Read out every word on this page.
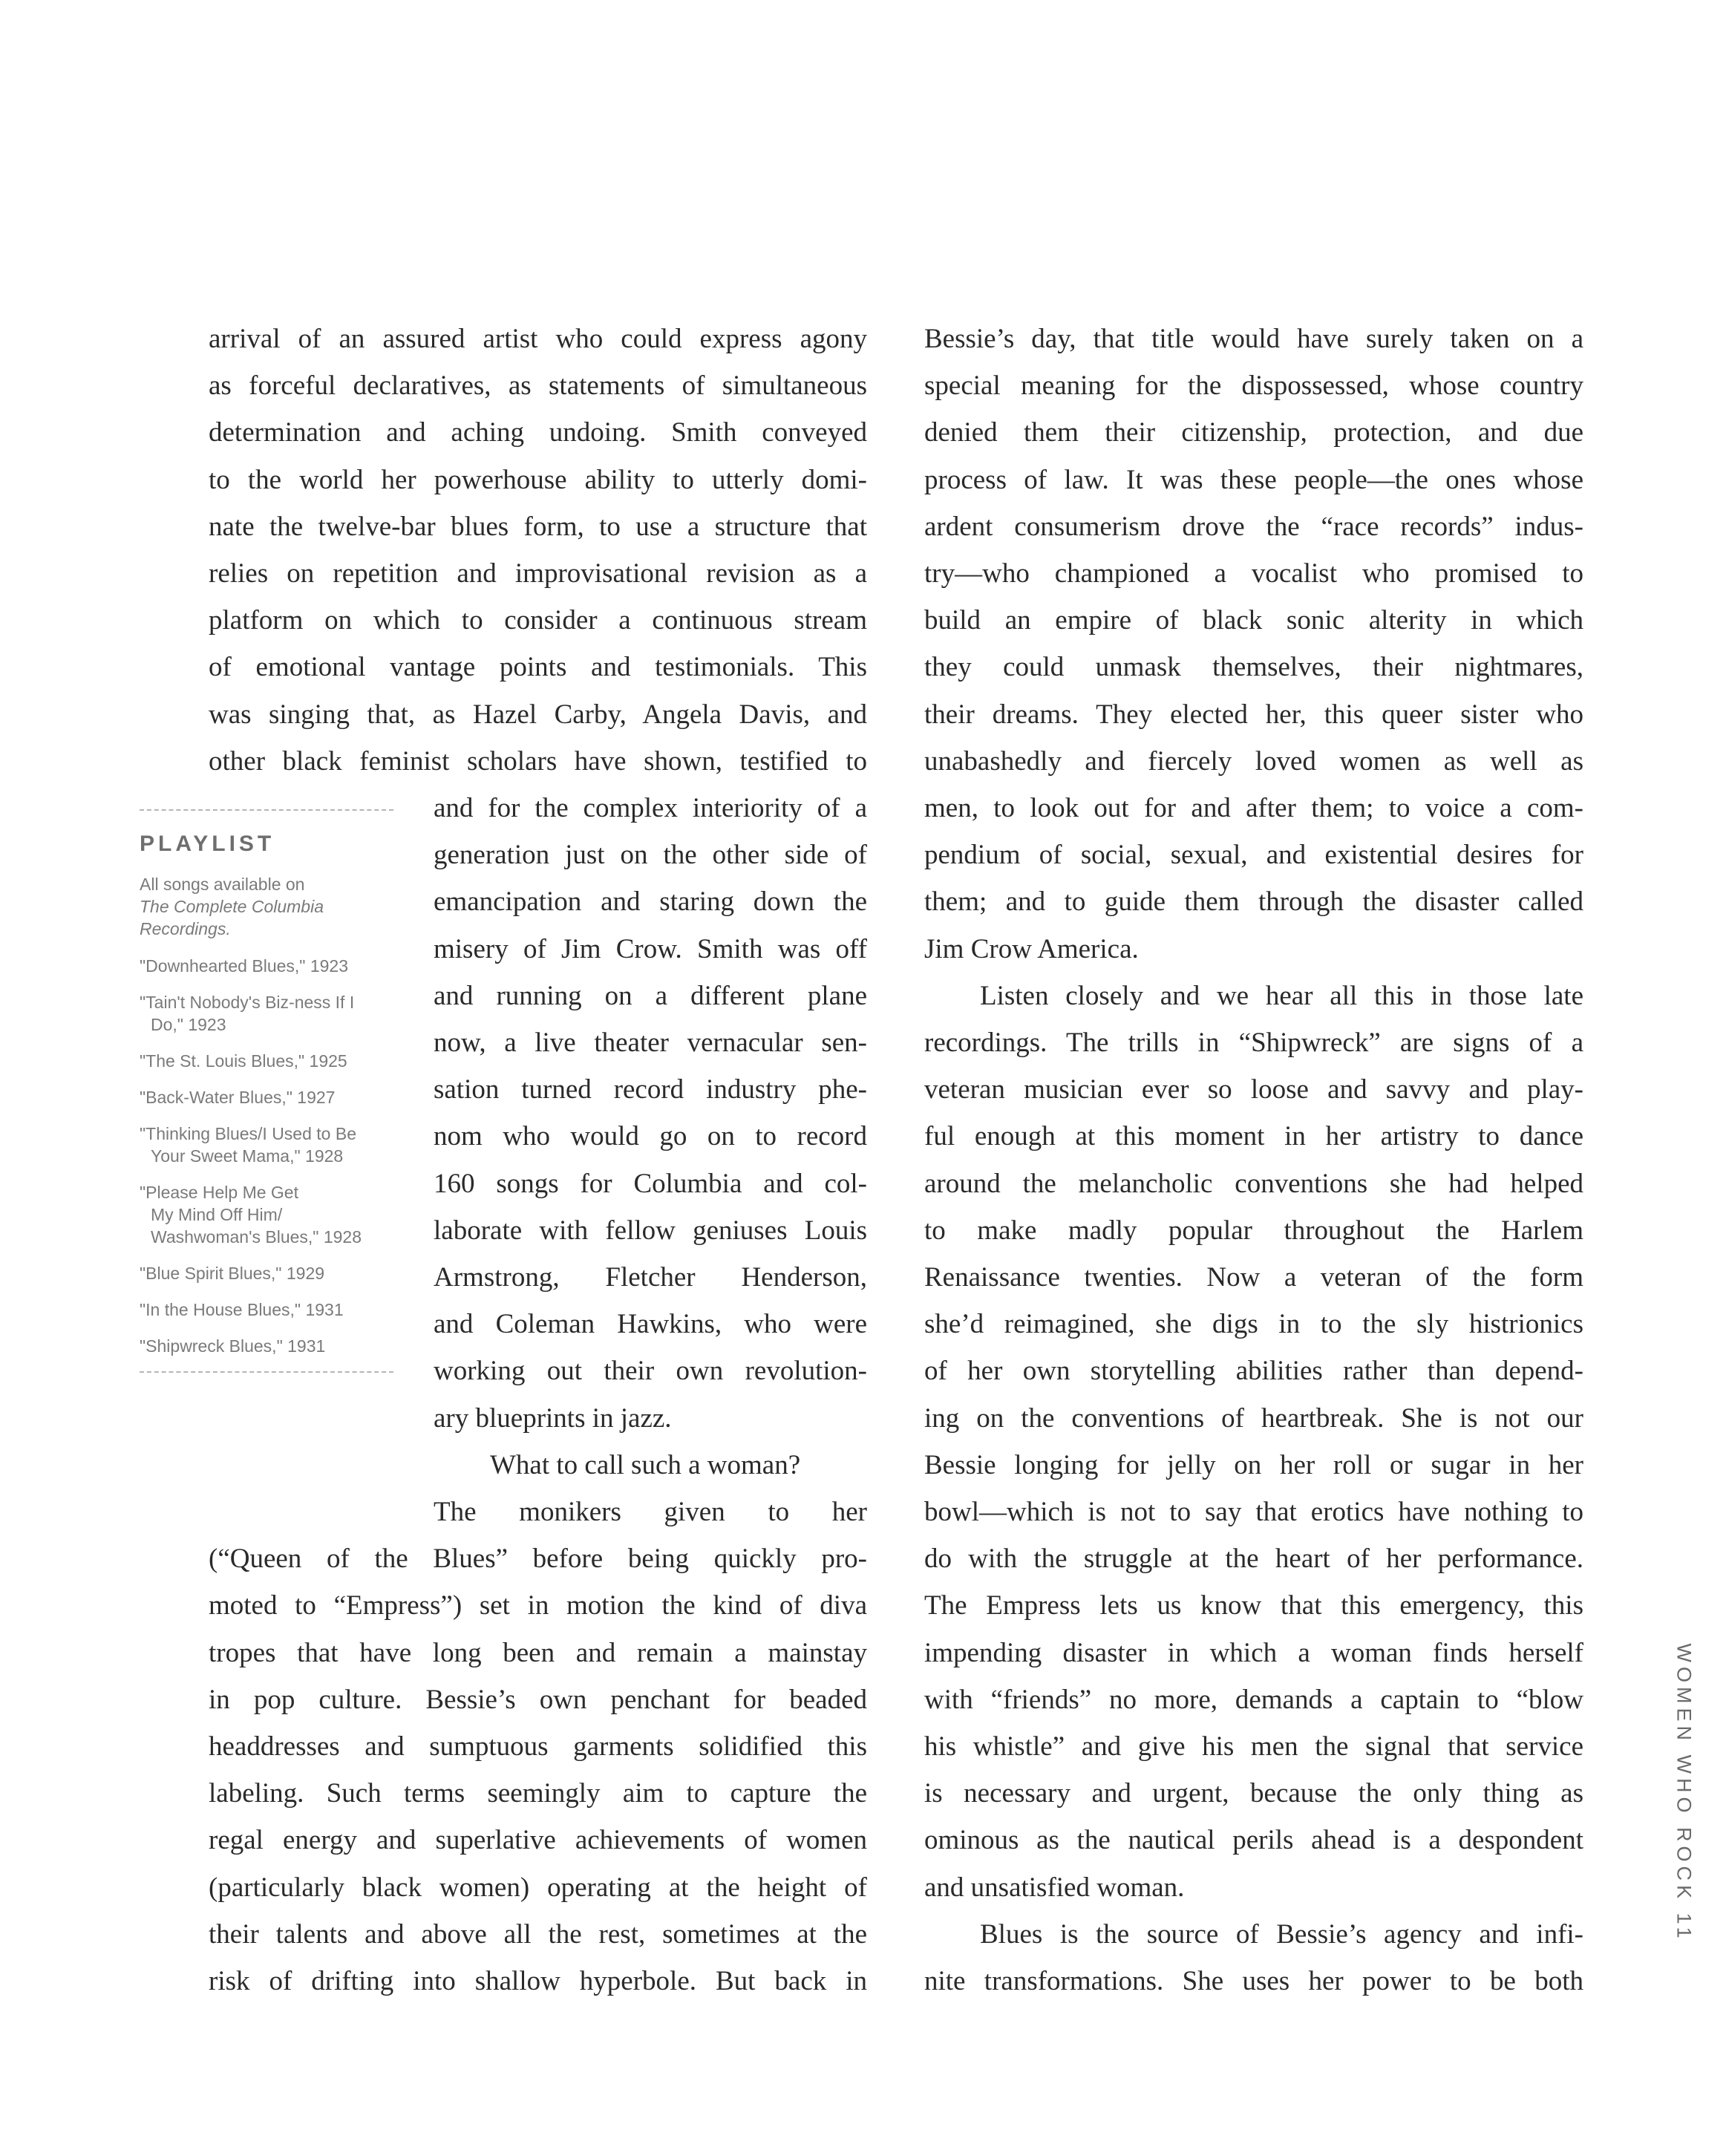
arrival of an assured artist who could express agony
as forceful declaratives, as statements of simultaneous
determination and aching undoing. Smith conveyed
to the world her powerhouse ability to utterly domi-
nate the twelve-bar blues form, to use a structure that
relies on repetition and improvisational revision as a
platform on which to consider a continuous stream
of emotional vantage points and testimonials. This
was singing that, as Hazel Carby, Angela Davis, and
other black feminist scholars have shown, testified to
and for the complex interiority of a
generation just on the other side of
emancipation and staring down the
misery of Jim Crow. Smith was off
and running on a different plane
now, a live theater vernacular sen-
sation turned record industry phe-
nom who would go on to record
160 songs for Columbia and col-
laborate with fellow geniuses Louis
Armstrong, Fletcher Henderson,
and Coleman Hawkins, who were
working out their own revolution-
ary blueprints in jazz.
What to call such a woman?
The monikers given to her
(“Queen of the Blues” before being quickly pro-
moted to “Empress”) set in motion the kind of diva
tropes that have long been and remain a mainstay
in pop culture. Bessie’s own penchant for beaded
headdresses and sumptuous garments solidified this
labeling. Such terms seemingly aim to capture the
regal energy and superlative achievements of women
(particularly black women) operating at the height of
their talents and above all the rest, sometimes at the
risk of drifting into shallow hyperbole. But back in
Bessie’s day, that title would have surely taken on a
special meaning for the dispossessed, whose country
denied them their citizenship, protection, and due
process of law. It was these people—the ones whose
ardent consumerism drove the “race records” indus-
try—who championed a vocalist who promised to
build an empire of black sonic alterity in which
they could unmask themselves, their nightmares,
their dreams. They elected her, this queer sister who
unabashedly and fiercely loved women as well as
men, to look out for and after them; to voice a com-
pendium of social, sexual, and existential desires for
them; and to guide them through the disaster called
Jim Crow America.
Listen closely and we hear all this in those late
recordings. The trills in “Shipwreck” are signs of a
veteran musician ever so loose and savvy and play-
ful enough at this moment in her artistry to dance
around the melancholic conventions she had helped
to make madly popular throughout the Harlem
Renaissance twenties. Now a veteran of the form
she’d reimagined, she digs in to the sly histrionics
of her own storytelling abilities rather than depend-
ing on the conventions of heartbreak. She is not our
Bessie longing for jelly on her roll or sugar in her
bowl—which is not to say that erotics have nothing to
do with the struggle at the heart of her performance.
The Empress lets us know that this emergency, this
impending disaster in which a woman finds herself
with “friends” no more, demands a captain to “blow
his whistle” and give his men the signal that service
is necessary and urgent, because the only thing as
ominous as the nautical perils ahead is a despondent
and unsatisfied woman.
Blues is the source of Bessie’s agency and infi-
nite transformations. She uses her power to be both
PLAYLIST
All songs available on
The Complete Columbia
Recordings.
"Downhearted Blues," 1923
"Tain't Nobody's Biz-ness If I
Do," 1923
"The St. Louis Blues," 1925
"Back-Water Blues," 1927
"Thinking Blues/I Used to Be
Your Sweet Mama," 1928
"Please Help Me Get
My Mind Off Him/
Washwoman's Blues," 1928
"Blue Spirit Blues," 1929
"In the House Blues," 1931
"Shipwreck Blues," 1931
WOMEN WHO ROCK 11
